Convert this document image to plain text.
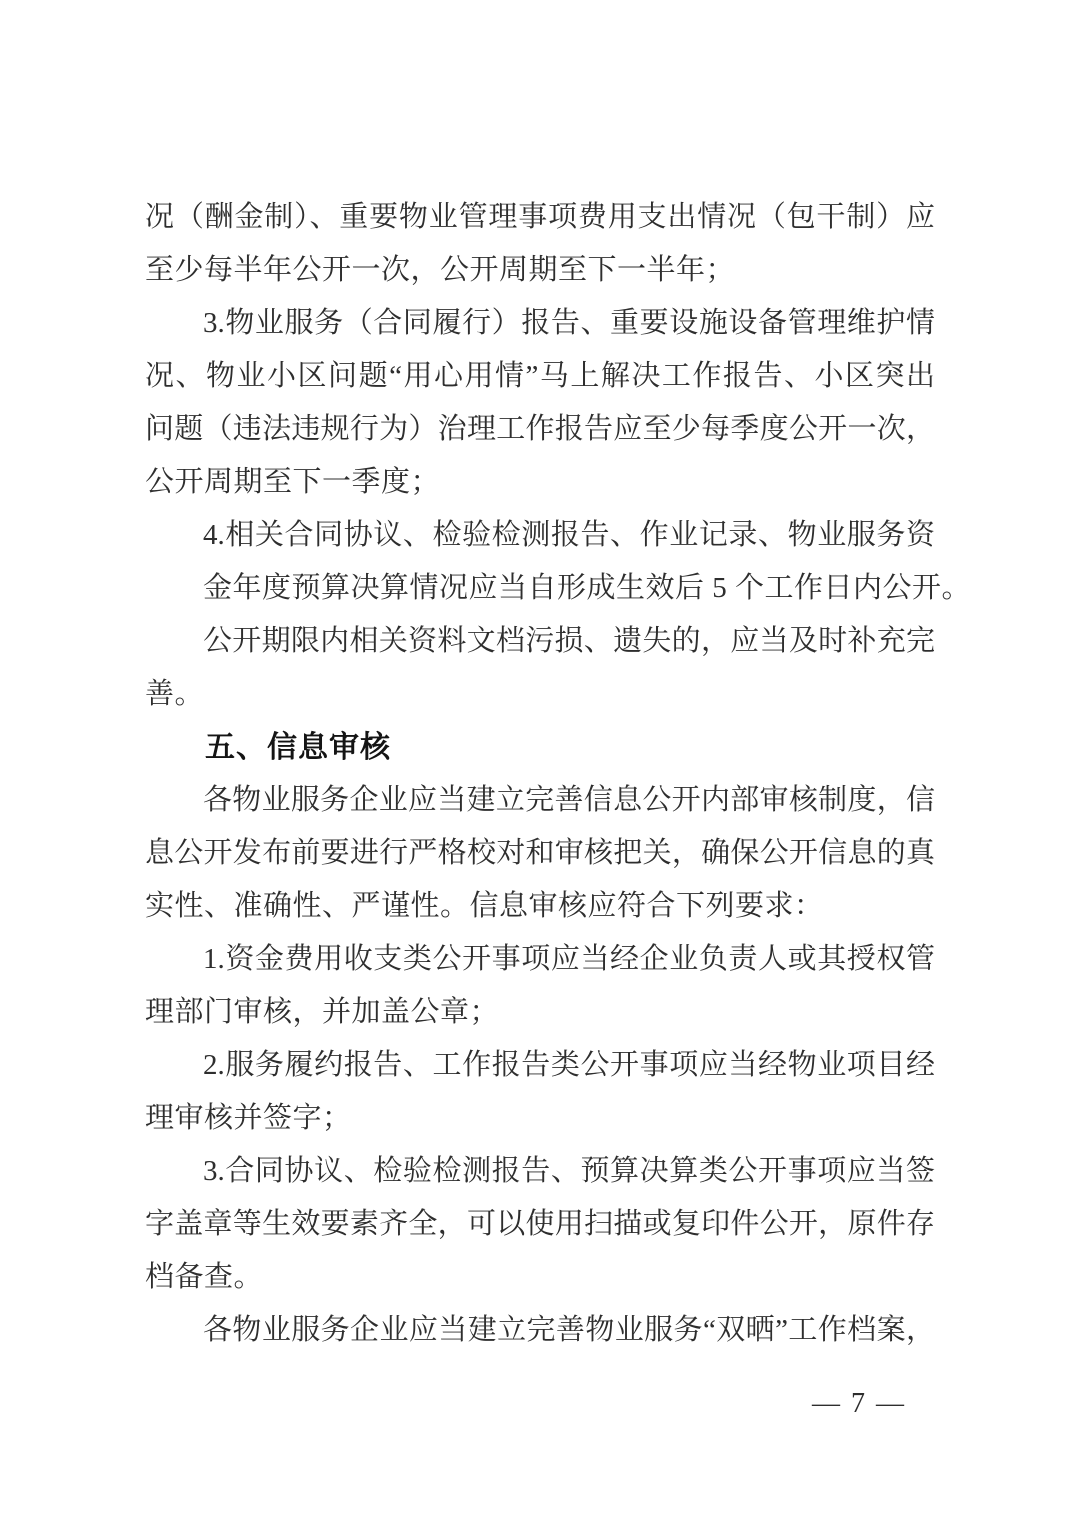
况（酬金制）、重要物业管理事项费用支出情况（包干制）应
至少每半年公开一次，公开周期至下一半年；
3.物业服务（合同履行）报告、重要设施设备管理维护情
况、物业小区问题“用心用情”马上解决工作报告、小区突出
问题（违法违规行为）治理工作报告应至少每季度公开一次，
公开周期至下一季度；
4.相关合同协议、检验检测报告、作业记录、物业服务资
金年度预算决算情况应当自形成生效后 5 个工作日内公开。
公开期限内相关资料文档污损、遗失的，应当及时补充完
善。
五、信息审核
各物业服务企业应当建立完善信息公开内部审核制度，信
息公开发布前要进行严格校对和审核把关，确保公开信息的真
实性、准确性、严谨性。信息审核应符合下列要求：
1.资金费用收支类公开事项应当经企业负责人或其授权管
理部门审核，并加盖公章；
2.服务履约报告、工作报告类公开事项应当经物业项目经
理审核并签字；
3.合同协议、检验检测报告、预算决算类公开事项应当签
字盖章等生效要素齐全，可以使用扫描或复印件公开，原件存
档备查。
各物业服务企业应当建立完善物业服务“双晒”工作档案，
— 7 —
